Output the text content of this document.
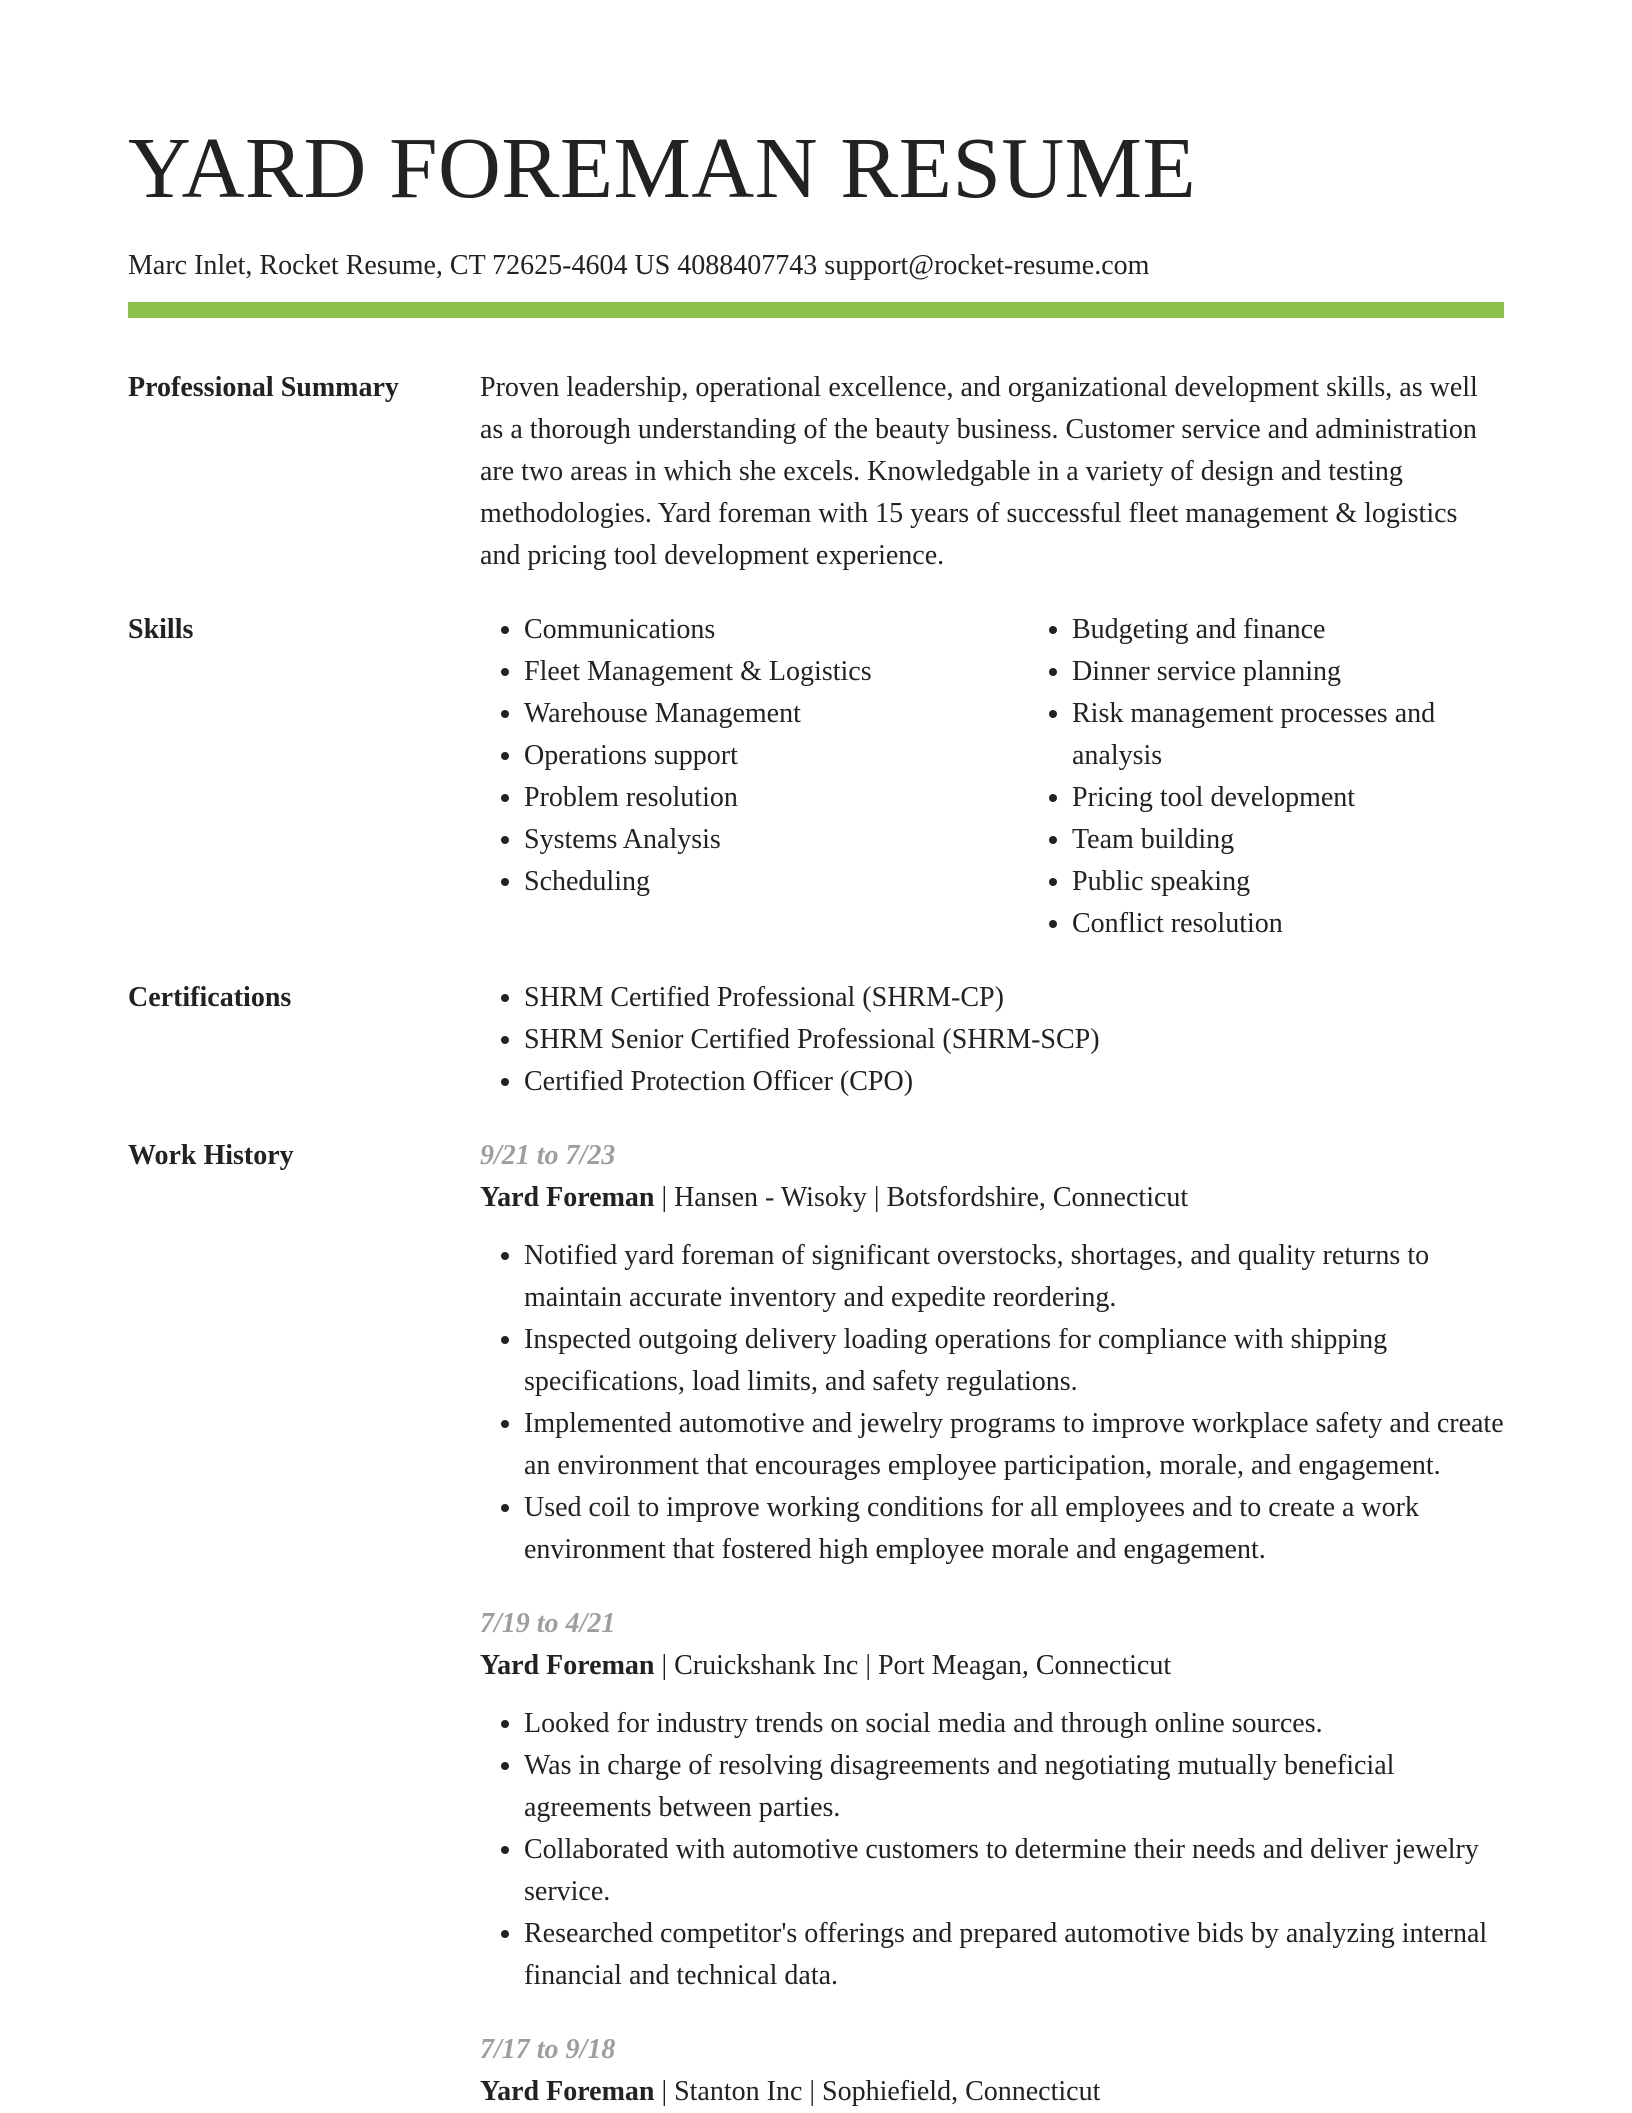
YARD FOREMAN RESUME
Marc Inlet, Rocket Resume, CT 72625-4604 US 4088407743 support@rocket-resume.com
Professional Summary	Proven leadership, operational excellence, and organizational development skills, as well as a thorough understanding of the beauty business. Customer service and administration are two areas in which she excels. Knowledgable in a variety of design and testing methodologies. Yard foreman with 15 years of successful fleet management & logistics and pricing tool development experience.

Skills	• Communications
• Fleet Management & Logistics
• Warehouse Management
• Operations support
• Problem resolution
• Systems Analysis
• Scheduling
• Budgeting and finance
• Dinner service planning
• Risk management processes and analysis
• Pricing tool development
• Team building
• Public speaking
• Conflict resolution
Certifications	• SHRM Certified Professional (SHRM-CP)
• SHRM Senior Certified Professional (SHRM-SCP)
• Certified Protection Officer (CPO)
Work History	9/21 to 7/23
Yard Foreman | Hansen - Wisoky | Botsfordshire, Connecticut
• Notified yard foreman of significant overstocks, shortages, and quality returns to maintain accurate inventory and expedite reordering.
• Inspected outgoing delivery loading operations for compliance with shipping specifications, load limits, and safety regulations.
• Implemented automotive and jewelry programs to improve workplace safety and create an environment that encourages employee participation, morale, and engagement.
• Used coil to improve working conditions for all employees and to create a work environment that fostered high employee morale and engagement.
7/19 to 4/21
Yard Foreman | Cruickshank Inc | Port Meagan, Connecticut
• Looked for industry trends on social media and through online sources.
• Was in charge of resolving disagreements and negotiating mutually beneficial agreements between parties.
• Collaborated with automotive customers to determine their needs and deliver jewelry service.
• Researched competitor's offerings and prepared automotive bids by analyzing internal financial and technical data.
7/17 to 9/18
Yard Foreman | Stanton Inc | Sophiefield, Connecticut
